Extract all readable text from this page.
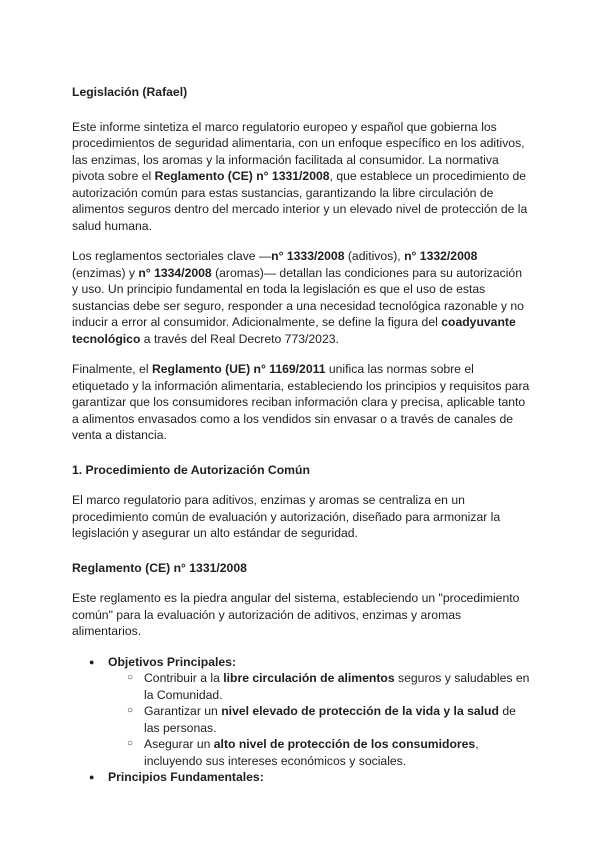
Legislación (Rafael)

Este informe sintetiza el marco regulatorio europeo y español que gobierna los procedimientos de seguridad alimentaria, con un enfoque específico en los aditivos, las enzimas, los aromas y la información facilitada al consumidor. La normativa pivota sobre el Reglamento (CE) n° 1331/2008, que establece un procedimiento de autorización común para estas sustancias, garantizando la libre circulación de alimentos seguros dentro del mercado interior y un elevado nivel de protección de la salud humana.

Los reglamentos sectoriales clave —n° 1333/2008 (aditivos), n° 1332/2008 (enzimas) y n° 1334/2008 (aromas)— detallan las condiciones para su autorización y uso. Un principio fundamental en toda la legislación es que el uso de estas sustancias debe ser seguro, responder a una necesidad tecnológica razonable y no inducir a error al consumidor. Adicionalmente, se define la figura del coadyuvante tecnológico a través del Real Decreto 773/2023.

Finalmente, el Reglamento (UE) n° 1169/2011 unifica las normas sobre el etiquetado y la información alimentaria, estableciendo los principios y requisitos para garantizar que los consumidores reciban información clara y precisa, aplicable tanto a alimentos envasados como a los vendidos sin envasar o a través de canales de venta a distancia.

1. Procedimiento de Autorización Común

El marco regulatorio para aditivos, enzimas y aromas se centraliza en un procedimiento común de evaluación y autorización, diseñado para armonizar la legislación y asegurar un alto estándar de seguridad.

Reglamento (CE) n° 1331/2008

Este reglamento es la piedra angular del sistema, estableciendo un "procedimiento común" para la evaluación y autorización de aditivos, enzimas y aromas alimentarios.

● Objetivos Principales:
○ Contribuir a la libre circulación de alimentos seguros y saludables en la Comunidad.
○ Garantizar un nivel elevado de protección de la vida y la salud de las personas.
○ Asegurar un alto nivel de protección de los consumidores, incluyendo sus intereses económicos y sociales.
● Principios Fundamentales:
